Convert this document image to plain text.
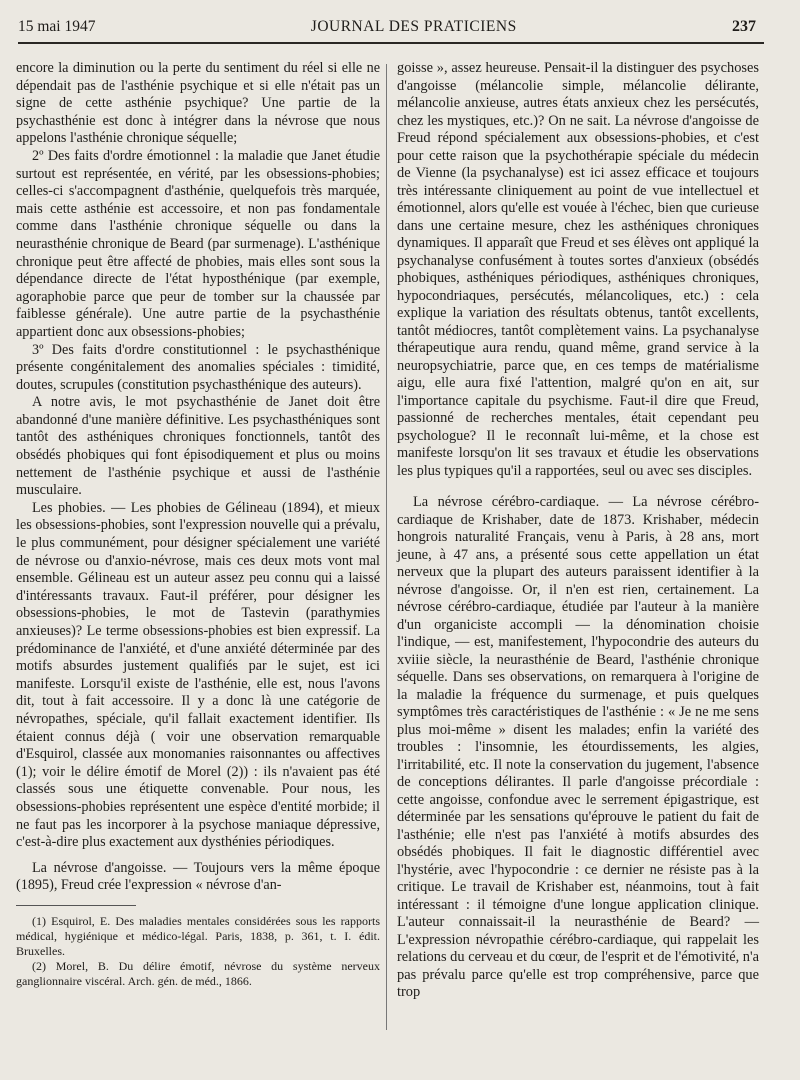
15 mai 1947	JOURNAL DES PRATICIENS	237

encore la diminution ou la perte du sentiment du réel si elle ne dépendait pas de l'asthénie psychique et si elle n'était pas un signe de cette asthénie psychique? Une partie de la psychasthénie est donc à intégrer dans la névrose que nous appelons l'asthénie chronique séquelle;

2º Des faits d'ordre émotionnel : la maladie que Janet étudie surtout est représentée, en vérité, par les obsessions-phobies; celles-ci s'accompagnent d'asthénie, quelquefois très marquée, mais cette asthénie est accessoire, et non pas fondamentale comme dans l'asthénie chronique séquelle ou dans la neurasthénie chronique de Beard (par surmenage). L'asthénique chronique peut être affecté de phobies, mais elles sont sous la dépendance directe de l'état hyposthénique (par exemple, agoraphobie parce que peur de tomber sur la chaussée par faiblesse générale). Une autre partie de la psychasthénie appartient donc aux obsessions-phobies;

3º Des faits d'ordre constitutionnel : le psychasthénique présente congénitalement des anomalies spéciales : timidité, doutes, scrupules (constitution psychasthénique des auteurs).

A notre avis, le mot psychasthénie de Janet doit être abandonné d'une manière définitive. Les psychasthéniques sont tantôt des asthéniques chroniques fonctionnels, tantôt des obsédés phobiques qui font épisodiquement et plus ou moins nettement de l'asthénie psychique et aussi de l'asthénie musculaire.

Les phobies. — Les phobies de Gélineau (1894), et mieux les obsessions-phobies, sont l'expression nouvelle qui a prévalu, le plus communément, pour désigner spécialement une variété de névrose ou d'anxio-névrose, mais ces deux mots vont mal ensemble. Gélineau est un auteur assez peu connu qui a laissé d'intéressants travaux. Faut-il préférer, pour désigner les obsessions-phobies, le mot de Tastevin (parathymies anxieuses)? Le terme obsessions-phobies est bien expressif. La prédominance de l'anxiété, et d'une anxiété déterminée par des motifs absurdes justement qualifiés par le sujet, est ici manifeste. Lorsqu'il existe de l'asthénie, elle est, nous l'avons dit, tout à fait accessoire. Il y a donc là une catégorie de névropathes, spéciale, qu'il fallait exactement identifier. Ils étaient connus déjà ( voir une observation remarquable d'Esquirol, classée aux monomanies raisonnantes ou affectives (1); voir le délire émotif de Morel (2)) : ils n'avaient pas été classés sous une étiquette convenable. Pour nous, les obsessions-phobies représentent une espèce d'entité morbide; il ne faut pas les incorporer à la psychose maniaque dépressive, c'est-à-dire plus exactement aux dysthénies périodiques.

La névrose d'angoisse. — Toujours vers la même époque (1895), Freud crée l'expression « névrose d'an-

(1) Esquirol, E. Des maladies mentales considérées sous les rapports médical, hygiénique et médico-légal. Paris, 1838, p. 361, t. I. édit. Bruxelles.

(2) Morel, B. Du délire émotif, névrose du système nerveux ganglionnaire viscéral. Arch. gén. de méd., 1866.

goisse », assez heureuse. Pensait-il la distinguer des psychoses d'angoisse (mélancolie simple, mélancolie délirante, mélancolie anxieuse, autres états anxieux chez les persécutés, chez les mystiques, etc.)? On ne sait. La névrose d'angoisse de Freud répond spécialement aux obsessions-phobies, et c'est pour cette raison que la psychothérapie spéciale du médecin de Vienne (la psychanalyse) est ici assez efficace et toujours très intéressante cliniquement au point de vue intellectuel et émotionnel, alors qu'elle est vouée à l'échec, bien que curieuse dans une certaine mesure, chez les asthéniques chroniques dynamiques. Il apparaît que Freud et ses élèves ont appliqué la psychanalyse confusément à toutes sortes d'anxieux (obsédés phobiques, asthéniques périodiques, asthéniques chroniques, hypocondriaques, persécutés, mélancoliques, etc.) : cela explique la variation des résultats obtenus, tantôt excellents, tantôt médiocres, tantôt complètement vains. La psychanalyse thérapeutique aura rendu, quand même, grand service à la neuropsychiatrie, parce que, en ces temps de matérialisme aigu, elle aura fixé l'attention, malgré qu'on en ait, sur l'importance capitale du psychisme. Faut-il dire que Freud, passionné de recherches mentales, était cependant peu psychologue? Il le reconnaît lui-même, et la chose est manifeste lorsqu'on lit ses travaux et étudie les observations les plus typiques qu'il a rapportées, seul ou avec ses disciples.

La névrose cérébro-cardiaque. — La névrose cérébro-cardiaque de Krishaber, date de 1873. Krishaber, médecin hongrois naturalité Français, venu à Paris, à 28 ans, mort jeune, à 47 ans, a présenté sous cette appellation un état nerveux que la plupart des auteurs paraissent identifier à la névrose d'angoisse. Or, il n'en est rien, certainement. La névrose cérébro-cardiaque, étudiée par l'auteur à la manière d'un organiciste accompli — la dénomination choisie l'indique, — est, manifestement, l'hypocondrie des auteurs du xviiie siècle, la neurasthénie de Beard, l'asthénie chronique séquelle. Dans ses observations, on remarquera à l'origine de la maladie la fréquence du surmenage, et puis quelques symptômes très caractéristiques de l'asthénie : « Je ne me sens plus moi-même » disent les malades; enfin la variété des troubles : l'insomnie, les étourdissements, les algies, l'irritabilité, etc. Il note la conservation du jugement, l'absence de conceptions délirantes. Il parle d'angoisse précordiale : cette angoisse, confondue avec le serrement épigastrique, est déterminée par les sensations qu'éprouve le patient du fait de l'asthénie; elle n'est pas l'anxiété à motifs absurdes des obsédés phobiques. Il fait le diagnostic différentiel avec l'hystérie, avec l'hypocondrie : ce dernier ne résiste pas à la critique. Le travail de Krishaber est, néanmoins, tout à fait intéressant : il témoigne d'une longue application clinique. L'auteur connaissait-il la neurasthénie de Beard? — L'expression névropathie cérébro-cardiaque, qui rappelait les relations du cerveau et du cœur, de l'esprit et de l'émotivité, n'a pas prévalu parce qu'elle est trop compréhensive, parce que trop
